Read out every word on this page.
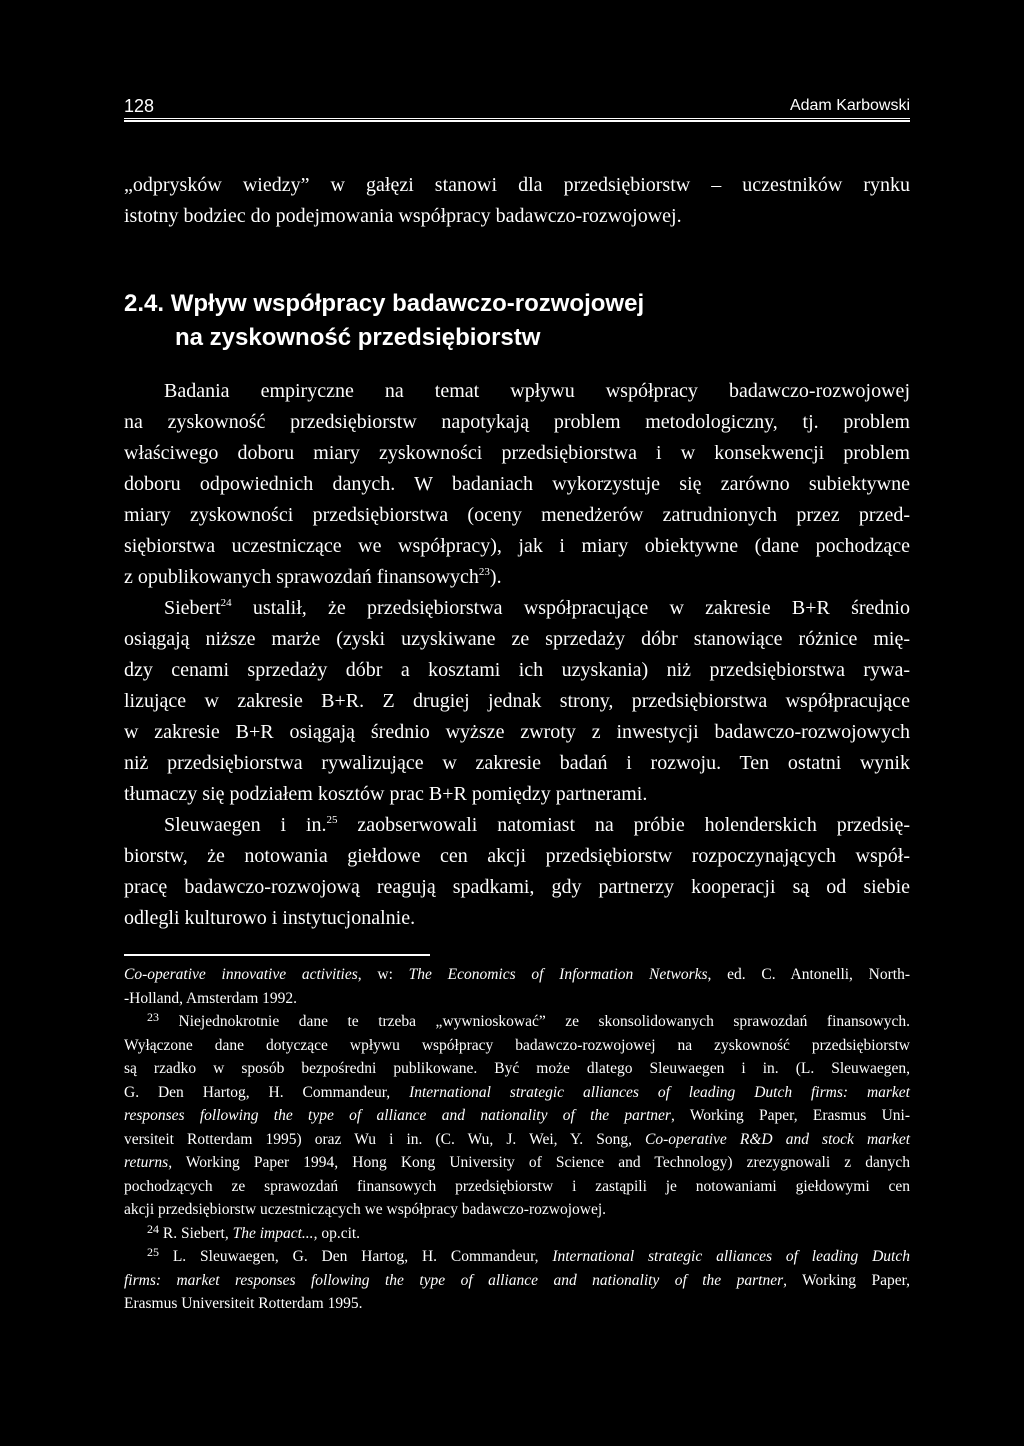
128	Adam Karbowski
„odprysków wiedzy” w gałęzi stanowi dla przedsiębiorstw – uczestników rynku
istotny bodziec do podejmowania współpracy badawczo-rozwojowej.
2.4. Wpływ współpracy badawczo-rozwojowej
na zyskowność przedsiębiorstw
Badania empiryczne na temat wpływu współpracy badawczo-rozwojowej
na zyskowność przedsiębiorstw napotykają problem metodologiczny, tj. problem
właściwego doboru miary zyskowności przedsiębiorstwa i w konsekwencji problem
doboru odpowiednich danych. W badaniach wykorzystuje się zarówno subiektywne
miary zyskowności przedsiębiorstwa (oceny menedżerów zatrudnionych przez przed-
siębiorstwa uczestniczące we współpracy), jak i miary obiektywne (dane pochodzące
z opublikowanych sprawozdań finansowych$^{23}$).
Siebert$^{24}$ ustalił, że przedsiębiorstwa współpracujące w zakresie B+R średnio
osiągają niższe marże (zyski uzyskiwane ze sprzedaży dóbr stanowiące różnice mię-
dzy cenami sprzedaży dóbr a kosztami ich uzyskania) niż przedsiębiorstwa rywa-
lizujące w zakresie B+R. Z drugiej jednak strony, przedsiębiorstwa współpracujące
w zakresie B+R osiągają średnio wyższe zwroty z inwestycji badawczo-rozwojowych
niż przedsiębiorstwa rywalizujące w zakresie badań i rozwoju. Ten ostatni wynik
tłumaczy się podziałem kosztów prac B+R pomiędzy partnerami.
Sleuwaegen i in.$^{25}$ zaobserwowali natomiast na próbie holenderskich przedsię-
biorstw, że notowania giełdowe cen akcji przedsiębiorstw rozpoczynających współ-
pracę badawczo-rozwojową reagują spadkami, gdy partnerzy kooperacji są od siebie
odlegli kulturowo i instytucjonalnie.
Co-operative innovative activities, w: The Economics of Information Networks, ed. C. Antonelli, North-
-Holland, Amsterdam 1992.
$^{23}$ Niejednokrotnie dane te trzeba „wywnioskować” ze skonsolidowanych sprawozdań finansowych.
Wyłączone dane dotyczące wpływu współpracy badawczo-rozwojowej na zyskowność przedsiębiorstw
są rzadko w sposób bezpośredni publikowane. Być może dlatego Sleuwaegen i in. (L. Sleuwaegen,
G. Den Hartog, H. Commandeur, International strategic alliances of leading Dutch firms: market
responses following the type of alliance and nationality of the partner, Working Paper, Erasmus Uni-
versiteit Rotterdam 1995) oraz Wu i in. (C. Wu, J. Wei, Y. Song, Co-operative R&D and stock market
returns, Working Paper 1994, Hong Kong University of Science and Technology) zrezygnowali z danych
pochodzących ze sprawozdań finansowych przedsiębiorstw i zastąpili je notowaniami giełdowymi cen
akcji przedsiębiorstw uczestniczących we współpracy badawczo-rozwojowej.
$^{24}$ R. Siebert, The impact..., op.cit.
$^{25}$ L. Sleuwaegen, G. Den Hartog, H. Commandeur, International strategic alliances of leading Dutch
firms: market responses following the type of alliance and nationality of the partner, Working Paper,
Erasmus Universiteit Rotterdam 1995.
